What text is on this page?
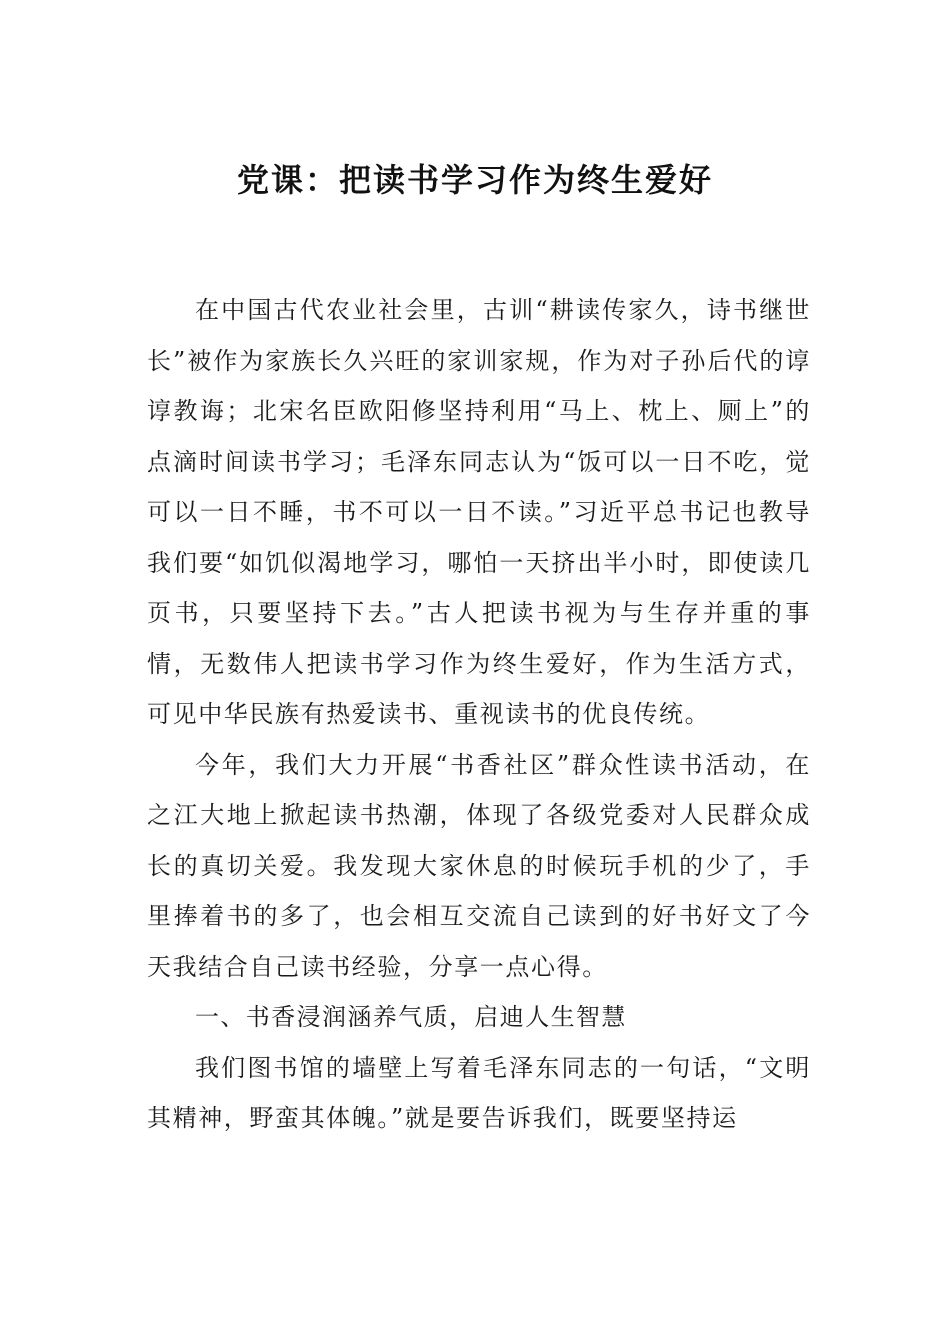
党课：把读书学习作为终生爱好

在中国古代农业社会里，古训“耕读传家久，诗书继世长”被作为家族长久兴旺的家训家规，作为对子孙后代的谆谆教诲；北宋名臣欧阳修坚持利用“马上、枕上、厕上”的点滴时间读书学习；毛泽东同志认为“饭可以一日不吃，觉可以一日不睡，书不可以一日不读。”习近平总书记也教导我们要“如饥似渴地学习，哪怕一天挤出半小时，即使读几页书，只要坚持下去。”古人把读书视为与生存并重的事情，无数伟人把读书学习作为终生爱好，作为生活方式，可见中华民族有热爱读书、重视读书的优良传统。

今年，我们大力开展“书香社区”群众性读书活动，在之江大地上掀起读书热潮，体现了各级党委对人民群众成长的真切关爱。我发现大家休息的时候玩手机的少了，手里捧着书的多了，也会相互交流自己读到的好书好文了今天我结合自己读书经验，分享一点心得。

一、书香浸润涵养气质，启迪人生智慧

我们图书馆的墙壁上写着毛泽东同志的一句话，“文明其精神，野蛮其体魄。”就是要告诉我们，既要坚持运
